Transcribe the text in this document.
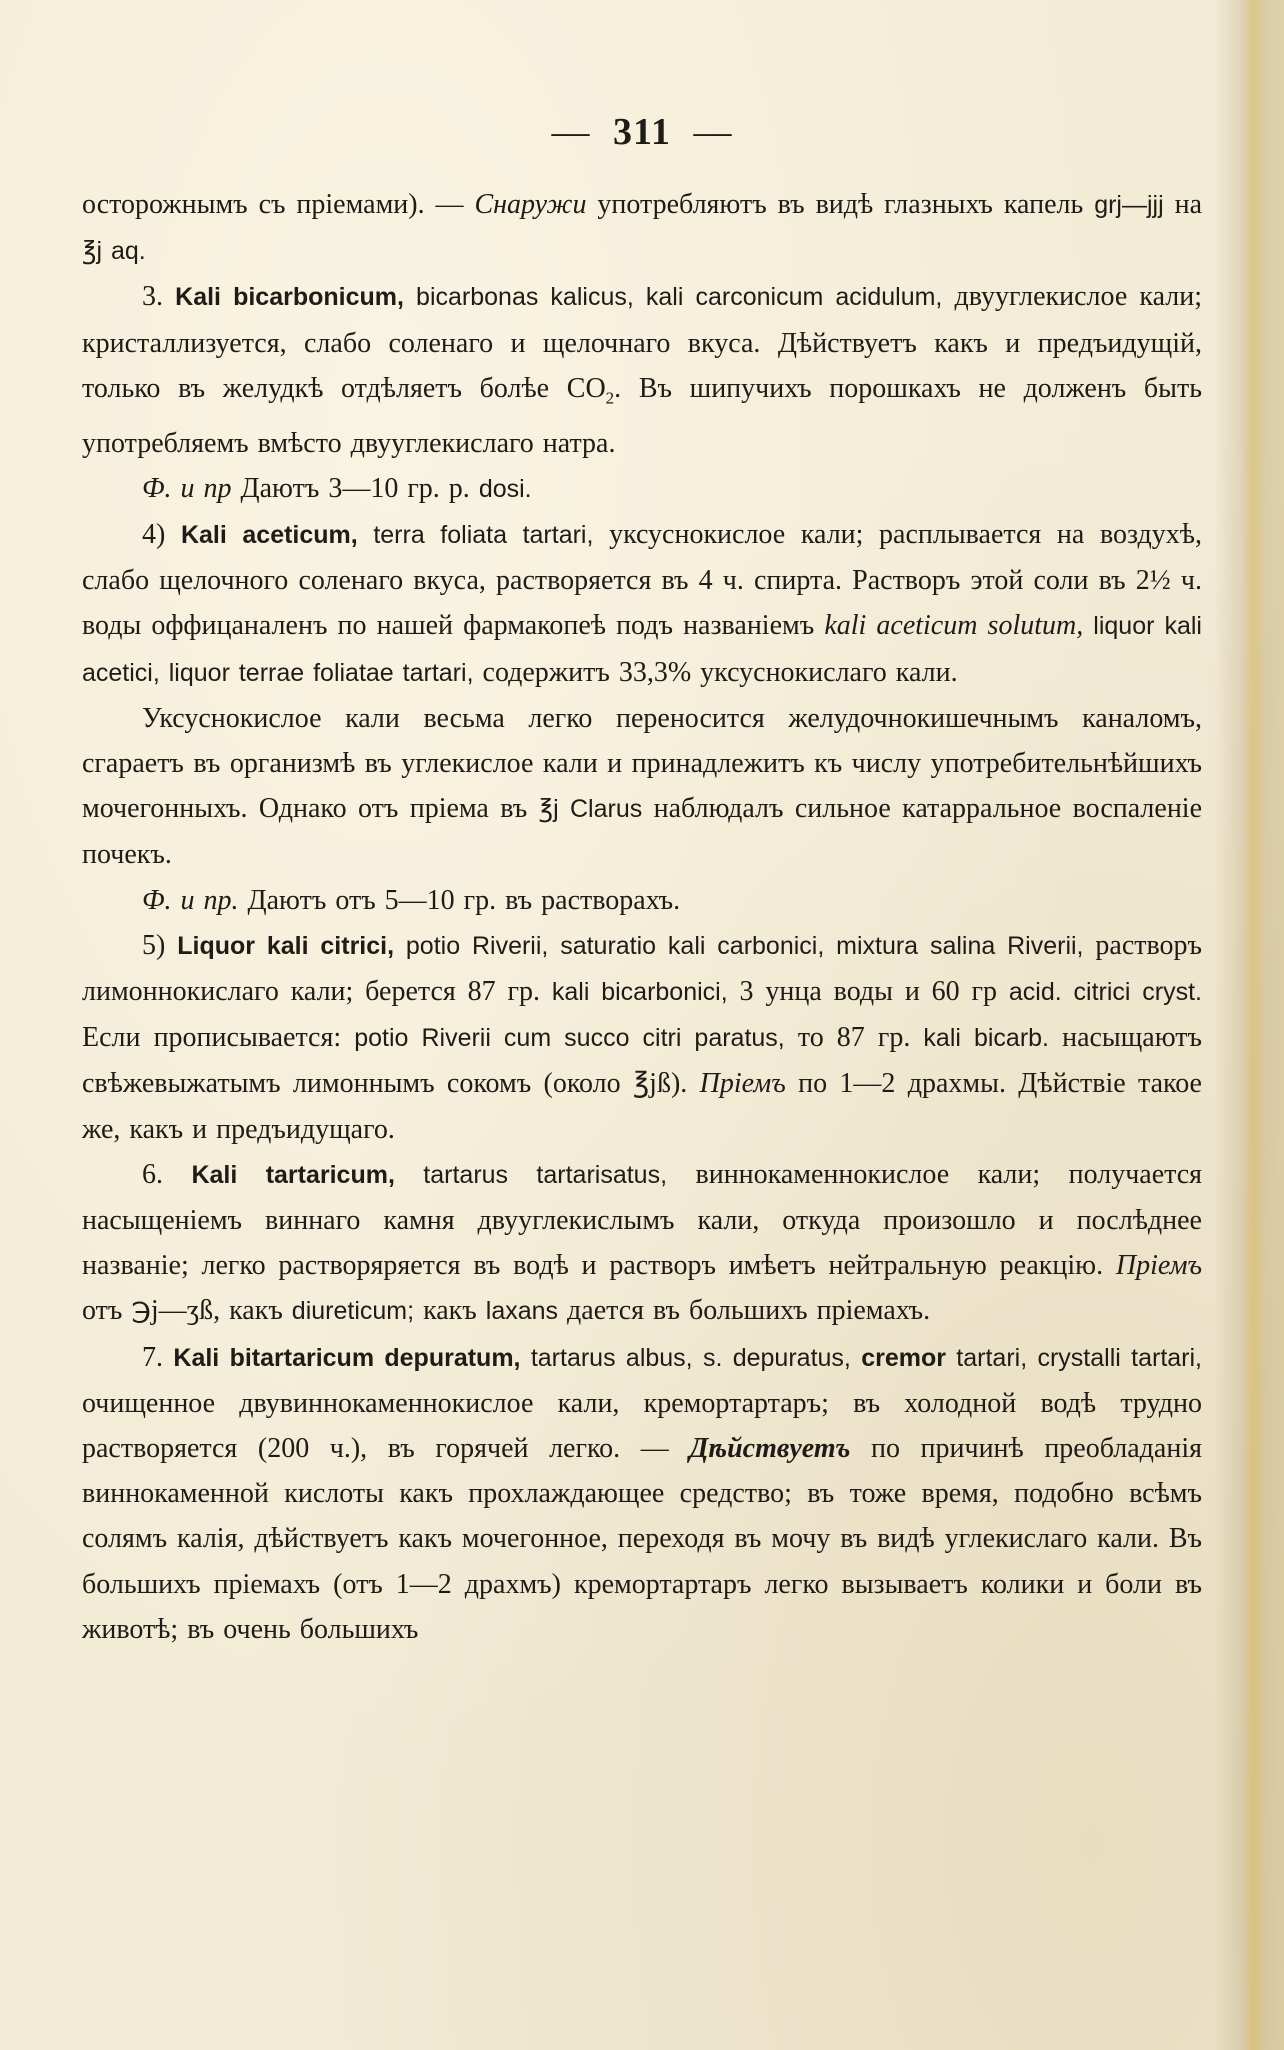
— 311 —

осторожнымъ съ пріемами). — Снаружи употребляютъ въ видѣ глазныхъ капель grj—jjj на ℥j aq.

3. Kali bicarbonicum, bicarbonas kalicus, kali carconicum acidulum, двууглекислое кали; кристаллизуется, слабо соленаго и щелочнаго вкуса. Дѣйствуетъ какъ и предъидущій, только въ желудкѣ отдѣляетъ болѣе $СО_2$. Въ шипучихъ порошкахъ не долженъ быть употребляемъ вмѣсто двууглекислаго натра.

Ф. и пр Даютъ 3—10 гр. р. dosi.

4) Kali aceticum, terra foliata tartari, уксуснокислое кали; расплывается на воздухѣ, слабо щелочного соленаго вкуса, растворяется въ 4 ч. спирта. Растворъ этой соли въ 2½ ч. воды оффицаналенъ по нашей фармакопеѣ подъ названіемъ kali aceticum solutum, liquor kali acetici, liquor terrae foliatae tartari, содержитъ 33,3% уксуснокислаго кали.

Уксуснокислое кали весьма легко переносится желудочнокишечнымъ каналомъ, сгараетъ въ организмѣ въ углекислое кали и принадлежитъ къ числу употребительнѣйшихъ мочегонныхъ. Однако отъ пріема въ ℥j Clarus наблюдалъ сильное катарральное воспаленіе почекъ.

Ф. и пр. Даютъ отъ 5—10 гр. въ растворахъ.

5) Liquor kali citrici, potio Riverii, saturatio kali carbonici, mixtura salina Riverii, растворъ лимоннокислаго кали; берется 87 гр. kali bicarbonici, 3 унца воды и 60 гр acid. citrici cryst. Если прописывается: potio Riverii cum succo citri paratus, то 87 гр. kali bicarb. насыщаютъ свѣжевыжатымъ лимоннымъ сокомъ (около ℥jß). Пріемъ по 1—2 драхмы. Дѣйствіе такое же, какъ и предъидущаго.

6. Kali tartaricum, tartarus tartarisatus, виннокаменнокислое кали; получается насыщеніемъ виннаго камня двууглекислымъ кали, откуда произошло и послѣднее названіе; легко растворяряется въ водѣ и растворъ имѣетъ нейтральную реакцію. Пріемъ отъ ℈j—ʒß, какъ diureticum; какъ laxans дается въ большихъ пріемахъ.

7. Kali bitartaricum depuratum, tartarus albus, s. depuratus, cremor tartari, crystalli tartari, очищенное двувиннокаменнокислое кали, кремортартаръ; въ холодной водѣ трудно растворяется (200 ч.), въ горячей легко. — Дѣйствуетъ по причинѣ преобладанія виннокаменной кислоты какъ прохлаждающее средство; въ тоже время, подобно всѣмъ солямъ калія, дѣйствуетъ какъ мочегонное, переходя въ мочу въ видѣ углекислаго кали. Въ большихъ пріемахъ (отъ 1—2 драхмъ) кремортартаръ легко вызываетъ колики и боли въ животѣ; въ очень большихъ
